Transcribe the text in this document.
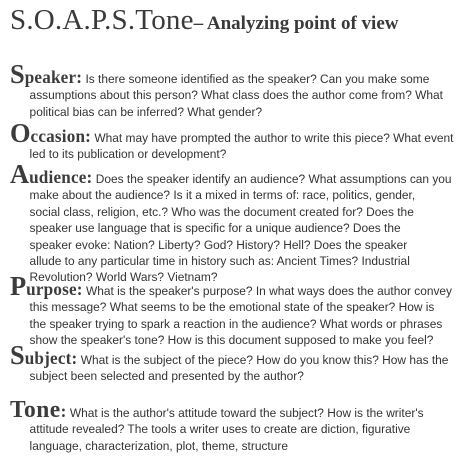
S.O.A.P.S.Tone– Analyzing point of view
Speaker: Is there someone identified as the speaker? Can you make some
assumptions about this person? What class does the author come from? What
political bias can be inferred? What gender?
Occasion: What may have prompted the author to write this piece? What event
led to its publication or development?
Audience: Does the speaker identify an audience? What assumptions can you
make about the audience? Is it a mixed in terms of: race, politics, gender,
social class, religion, etc.? Who was the document created for? Does the
speaker use language that is specific for a unique audience? Does the
speaker evoke: Nation? Liberty? God? History? Hell? Does the speaker
allude to any particular time in history such as: Ancient Times? Industrial
Revolution? World Wars? Vietnam?
Purpose: What is the speaker's purpose? In what ways does the author convey
this message? What seems to be the emotional state of the speaker? How is
the speaker trying to spark a reaction in the audience? What words or phrases
show the speaker's tone? How is this document supposed to make you feel?
Subject: What is the subject of the piece? How do you know this? How has the
subject been selected and presented by the author?
Tone: What is the author's attitude toward the subject? How is the writer's
attitude revealed? The tools a writer uses to create are diction, figurative
language, characterization, plot, theme, structure
